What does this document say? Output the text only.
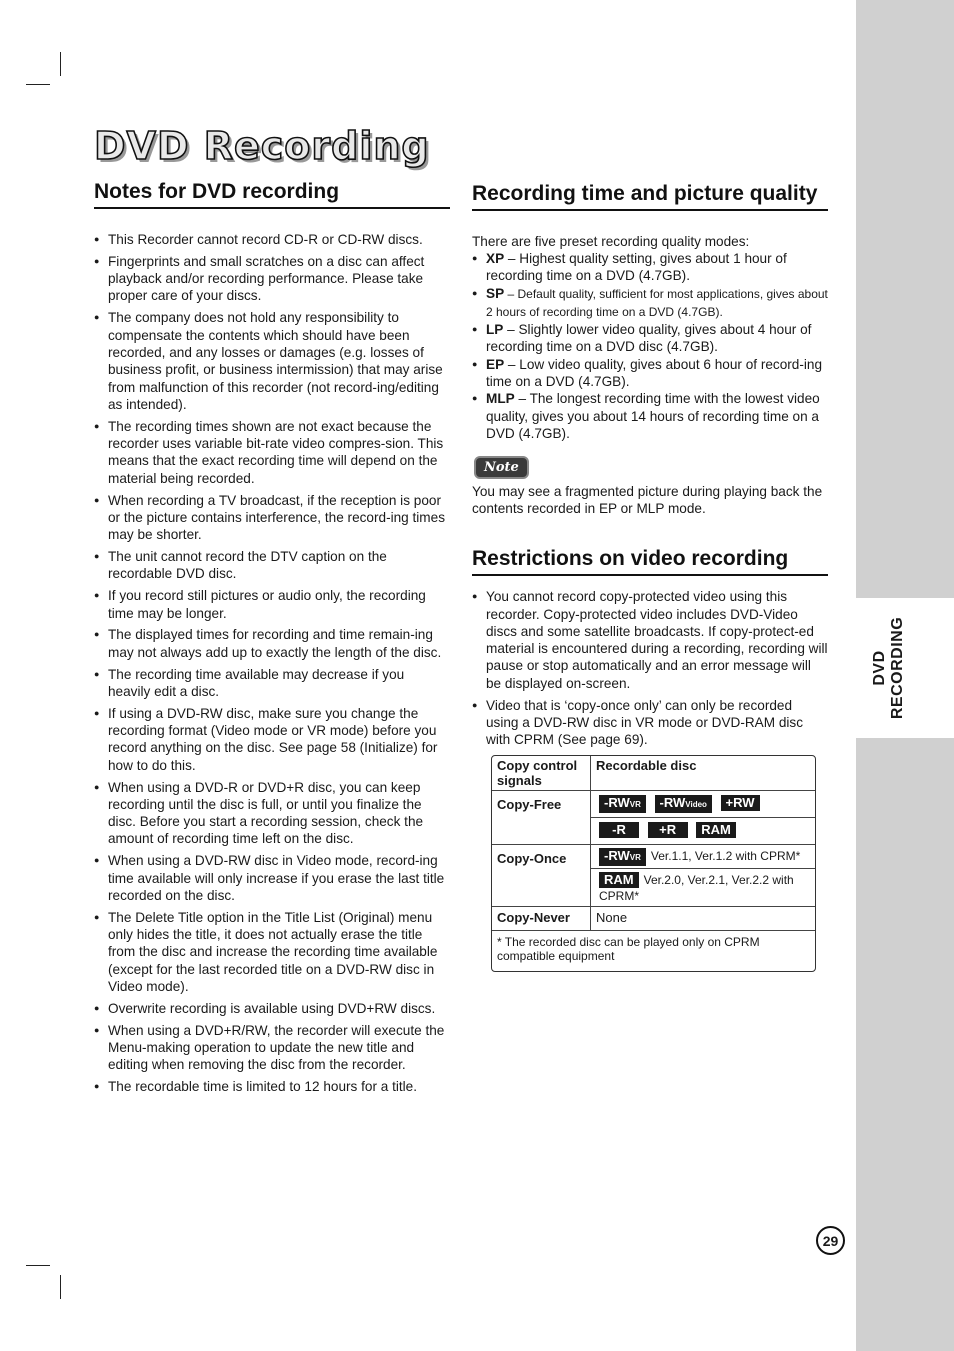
DVD RECORDING
DVD Recording
Notes for DVD recording
● This Recorder cannot record CD-R or CD-RW discs.
● Fingerprints and small scratches on a disc can affect playback and/or recording performance. Please take proper care of your discs.
● The company does not hold any responsibility to compensate the contents which should have been recorded, and any losses or damages (e.g. losses of business profit, or business intermission) that may arise from malfunction of this recorder (not record-ing/editing as intended).
● The recording times shown are not exact because the recorder uses variable bit-rate video compres-sion. This means that the exact recording time will depend on the material being recorded.
● When recording a TV broadcast, if the reception is poor or the picture contains interference, the record-ing times may be shorter.
● The unit cannot record the DTV caption on the recordable DVD disc.
● If you record still pictures or audio only, the recording time may be longer.
● The displayed times for recording and time remain-ing may not always add up to exactly the length of the disc.
● The recording time available may decrease if you heavily edit a disc.
● If using a DVD-RW disc, make sure you change the recording format (Video mode or VR mode) before you record anything on the disc. See page 58 (Initialize) for how to do this.
● When using a DVD-R or DVD+R disc, you can keep recording until the disc is full, or until you finalize the disc. Before you start a recording session, check the amount of recording time left on the disc.
● When using a DVD-RW disc in Video mode, record-ing time available will only increase if you erase the last title recorded on the disc.
● The Delete Title option in the Title List (Original) menu only hides the title, it does not actually erase the title from the disc and increase the recording time available (except for the last recorded title on a DVD-RW disc in Video mode).
● Overwrite recording is available using DVD+RW discs.
● When using a DVD+R/RW, the recorder will execute the Menu-making operation to update the new title and editing when removing the disc from the recorder.
● The recordable time is limited to 12 hours for a title.
Recording time and picture quality

There are five preset recording quality modes:

● XP – Highest quality setting, gives about 1 hour of recording time on a DVD (4.7GB).
● SP – Default quality, sufficient for most applications, gives about 2 hours of recording time on a DVD (4.7GB).
● LP – Slightly lower video quality, gives about 4 hour of recording time on a DVD disc (4.7GB).
● EP – Low video quality, gives about 6 hour of record-ing time on a DVD (4.7GB).
● MLP – The longest recording time with the lowest video quality, gives you about 14 hours of recording time on a DVD (4.7GB).
Note

You may see a fragmented picture during playing back the contents recorded in EP or MLP mode.

Restrictions on video recording
● You cannot record copy-protected video using this recorder. Copy-protected video includes DVD-Video discs and some satellite broadcasts. If copy-protect-ed material is encountered during a recording, recording will pause or stop automatically and an error message will be displayed on-screen.
● Video that is ‘copy-once only’ can only be recorded using a DVD-RW disc in VR mode or DVD-RAM disc with CPRM (See page 69).
Copy control signals	Recordable disc
Copy-Free	-RWVR -RWVideo +RW
	-R +R RAM
Copy-Once	-RWVR Ver.1.1, Ver.1.2 with CPRM*
	RAM Ver.2.0, Ver.2.1, Ver.2.2 with CPRM*
Copy-Never	None
* The recorded disc can be played only on CPRM compatible equipment	
29
